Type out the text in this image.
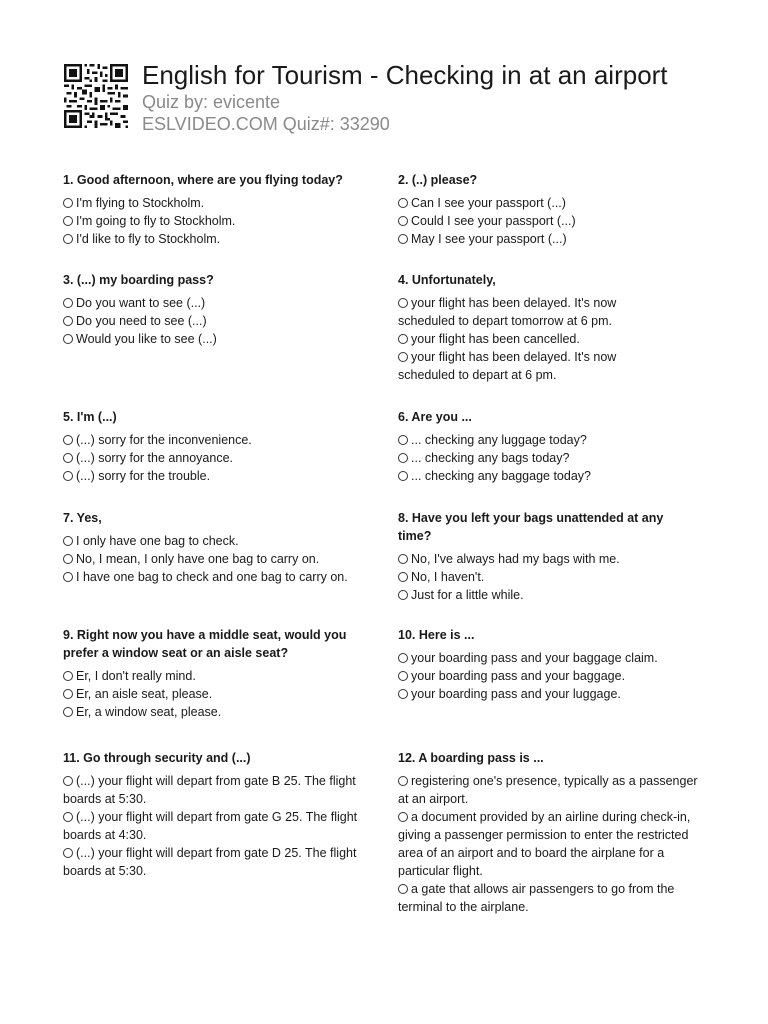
English for Tourism - Checking in at an airport
Quiz by: evicente
ESLVIDEO.COM Quiz#: 33290
1. Good afternoon, where are you flying today?
I'm flying to Stockholm.
I'm going to fly to Stockholm.
I'd like to fly to Stockholm.
2. (..) please?
Can I see your passport (...)
Could I see your passport (...)
May I see your passport (...)
3. (...) my boarding pass?
Do you want to see (...)
Do you need to see (...)
Would you like to see (...)
4. Unfortunately,
your flight has been delayed. It's now scheduled to depart tomorrow at 6 pm.
your flight has been cancelled.
your flight has been delayed. It's now scheduled to depart at 6 pm.
5. I'm (...)
(...) sorry for the inconvenience.
(...) sorry for the annoyance.
(...) sorry for the trouble.
6. Are you ...
... checking any luggage today?
... checking any bags today?
... checking any baggage today?
7. Yes,
I only have one bag to check.
No, I mean, I only have one bag to carry on.
I have one bag to check and one bag to carry on.
8. Have you left your bags unattended at any time?
No, I've always had my bags with me.
No, I haven't.
Just for a little while.
9. Right now you have a middle seat, would you prefer a window seat or an aisle seat?
Er, I don't really mind.
Er, an aisle seat, please.
Er, a window seat, please.
10. Here is ...
your boarding pass and your baggage claim.
your boarding pass and your baggage.
your boarding pass and your luggage.
11. Go through security and (...)
(...) your flight will depart from gate B 25. The flight boards at 5:30.
(...) your flight will depart from gate G 25. The flight boards at 4:30.
(...) your flight will depart from gate D 25. The flight boards at 5:30.
12. A boarding pass is ...
registering one's presence, typically as a passenger at an airport.
a document provided by an airline during check-in, giving a passenger permission to enter the restricted area of an airport and to board the airplane for a particular flight.
a gate that allows air passengers to go from the terminal to the airplane.
